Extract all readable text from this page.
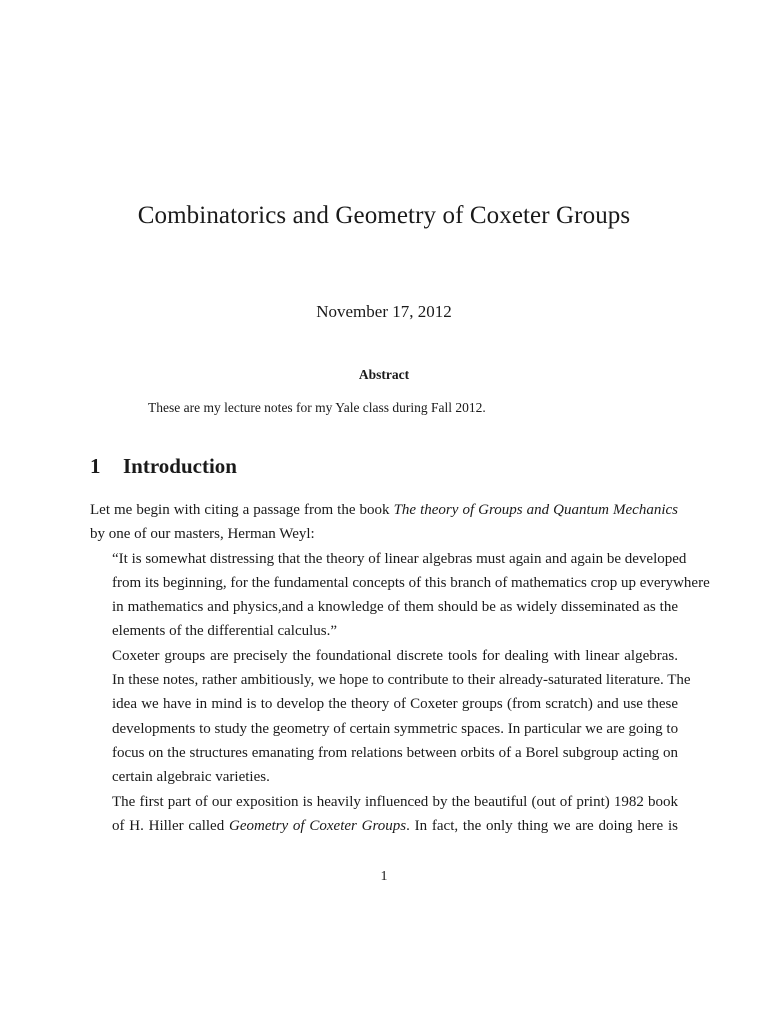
Combinatorics and Geometry of Coxeter Groups
November 17, 2012
Abstract
These are my lecture notes for my Yale class during Fall 2012.
1 Introduction

Let me begin with citing a passage from the book The theory of Groups and Quantum Mechanics
by one of our masters, Herman Weyl:

“It is somewhat distressing that the theory of linear algebras must again and again be developed
from its beginning, for the fundamental concepts of this branch of mathematics crop up everywhere
in mathematics and physics,and a knowledge of them should be as widely disseminated as the
elements of the differential calculus.”

Coxeter groups are precisely the foundational discrete tools for dealing with linear algebras.
In these notes, rather ambitiously, we hope to contribute to their already-saturated literature. The
idea we have in mind is to develop the theory of Coxeter groups (from scratch) and use these
developments to study the geometry of certain symmetric spaces. In particular we are going to
focus on the structures emanating from relations between orbits of a Borel subgroup acting on
certain algebraic varieties.

The first part of our exposition is heavily influenced by the beautiful (out of print) 1982 book
of H. Hiller called Geometry of Coxeter Groups. In fact, the only thing we are doing here is

1
